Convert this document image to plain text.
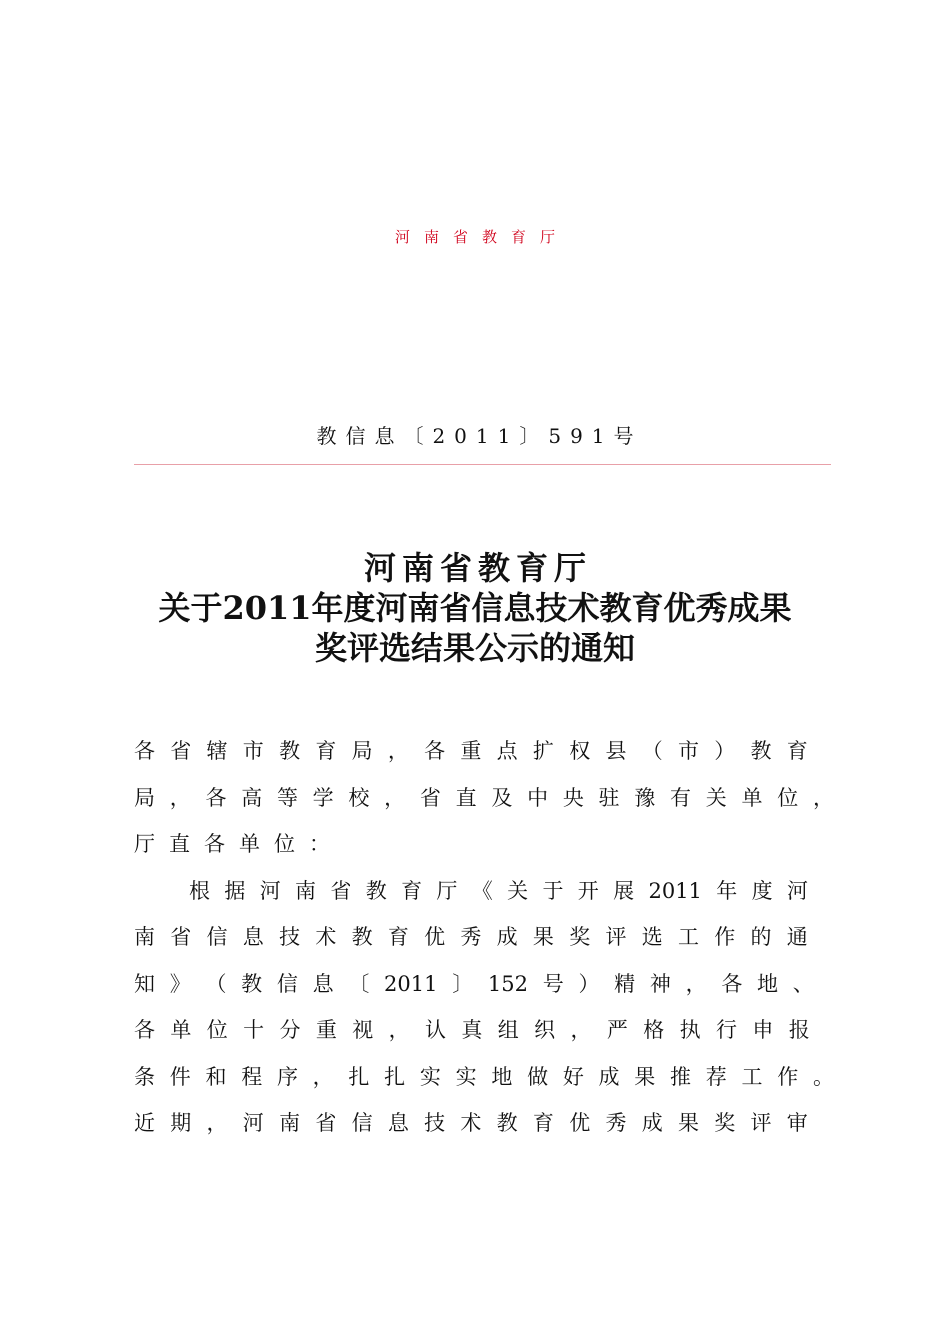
河南省教育厅
教信息〔2011〕591号
河南省教育厅
关于2011年度河南省信息技术教育优秀成果
奖评选结果公示的通知
各 省 辖 市 教 育 局 ， 各 重 点 扩 权 县 （ 市 ） 教 育
局 ， 各 高 等 学 校 ， 省 直 及 中 央 驻 豫 有 关 单 位 ，
厅直各单位：
根 据 河 南 省 教 育 厅 《 关 于 开 展 2011 年 度 河
南 省 信 息 技 术 教 育 优 秀 成 果 奖 评 选 工 作 的 通
知 》 （ 教 信 息 〔 2011 〕 152 号 ） 精 神 ， 各 地 、
各 单 位 十 分 重 视 ， 认 真 组 织 ， 严 格 执 行 申 报
条 件 和 程 序 ， 扎 扎 实 实 地 做 好 成 果 推 荐 工 作 。
近 期 ， 河 南 省 信 息 技 术 教 育 优 秀 成 果 奖 评 审
